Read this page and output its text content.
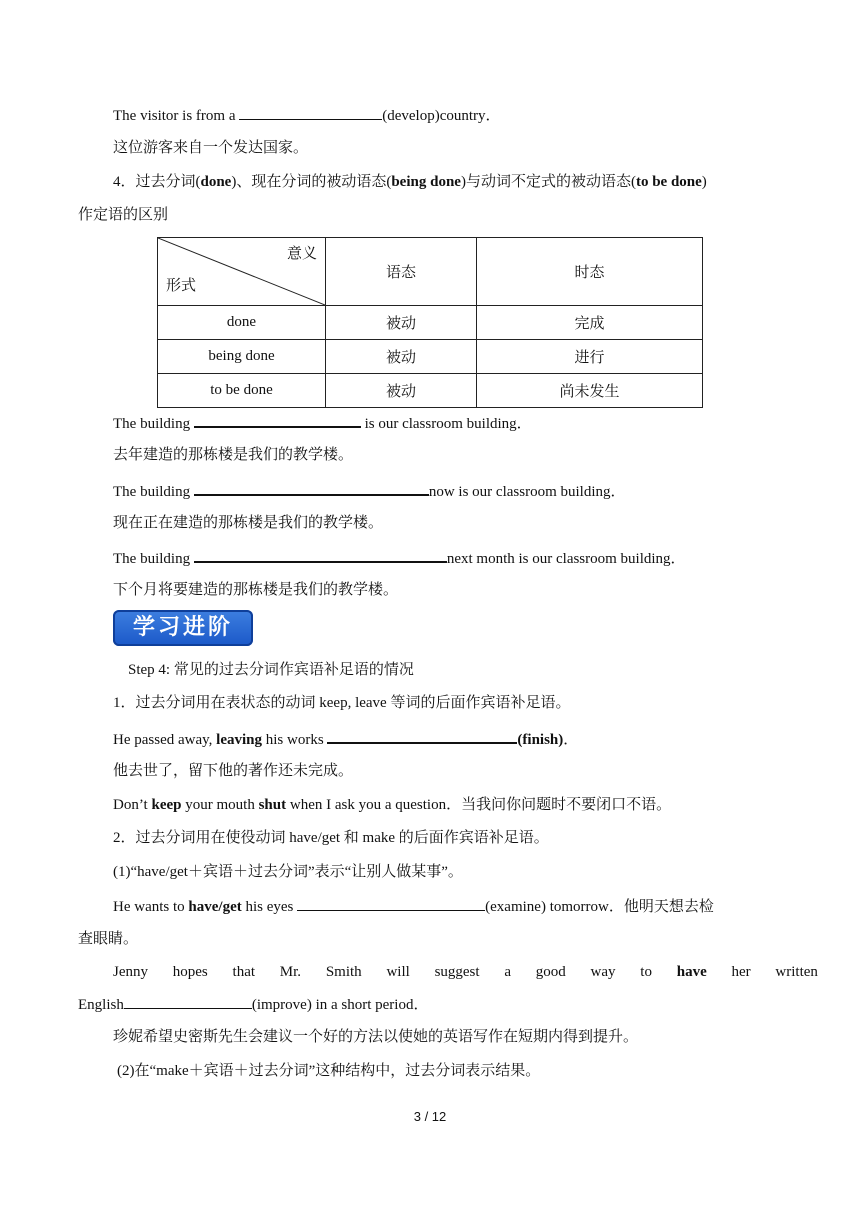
The visitor is from a	(develop)country．
这位游客来自一个发达国家。
4．过去分词(done)、现在分词的被动语态(being done)与动词不定式的被动语态(to be done)
作定语的区别
意义
形式	语态	时态
done	被动	完成
being done	被动	进行
to be done	被动	尚未发生
The building	is our classroom building．
去年建造的那栋楼是我们的教学楼。
The building	now is our classroom building．
现在正在建造的那栋楼是我们的教学楼。
The building	next month is our classroom building．
下个月将要建造的那栋楼是我们的教学楼。
学习进阶
Step 4: 常见的过去分词作宾语补足语的情况
1．过去分词用在表状态的动词 keep, leave 等词的后面作宾语补足语。
He passed away, leaving his works	(finish)．
他去世了，留下他的著作还未完成。
Don’t keep your mouth shut when I ask you a question．当我问你问题时不要闭口不语。
2．过去分词用在使役动词 have/get 和 make 的后面作宾语补足语。
(1)“have/get＋宾语＋过去分词”表示“让别人做某事”。
He wants to have/get his eyes	(examine) tomorrow．他明天想去检
查眼睛。
Jenny hopes that Mr. Smith will suggest a good way to have her written
English	(improve) in a short period．
珍妮希望史密斯先生会建议一个好的方法以使她的英语写作在短期内得到提升。
(2)在“make＋宾语＋过去分词”这种结构中，过去分词表示结果。
3 / 12
